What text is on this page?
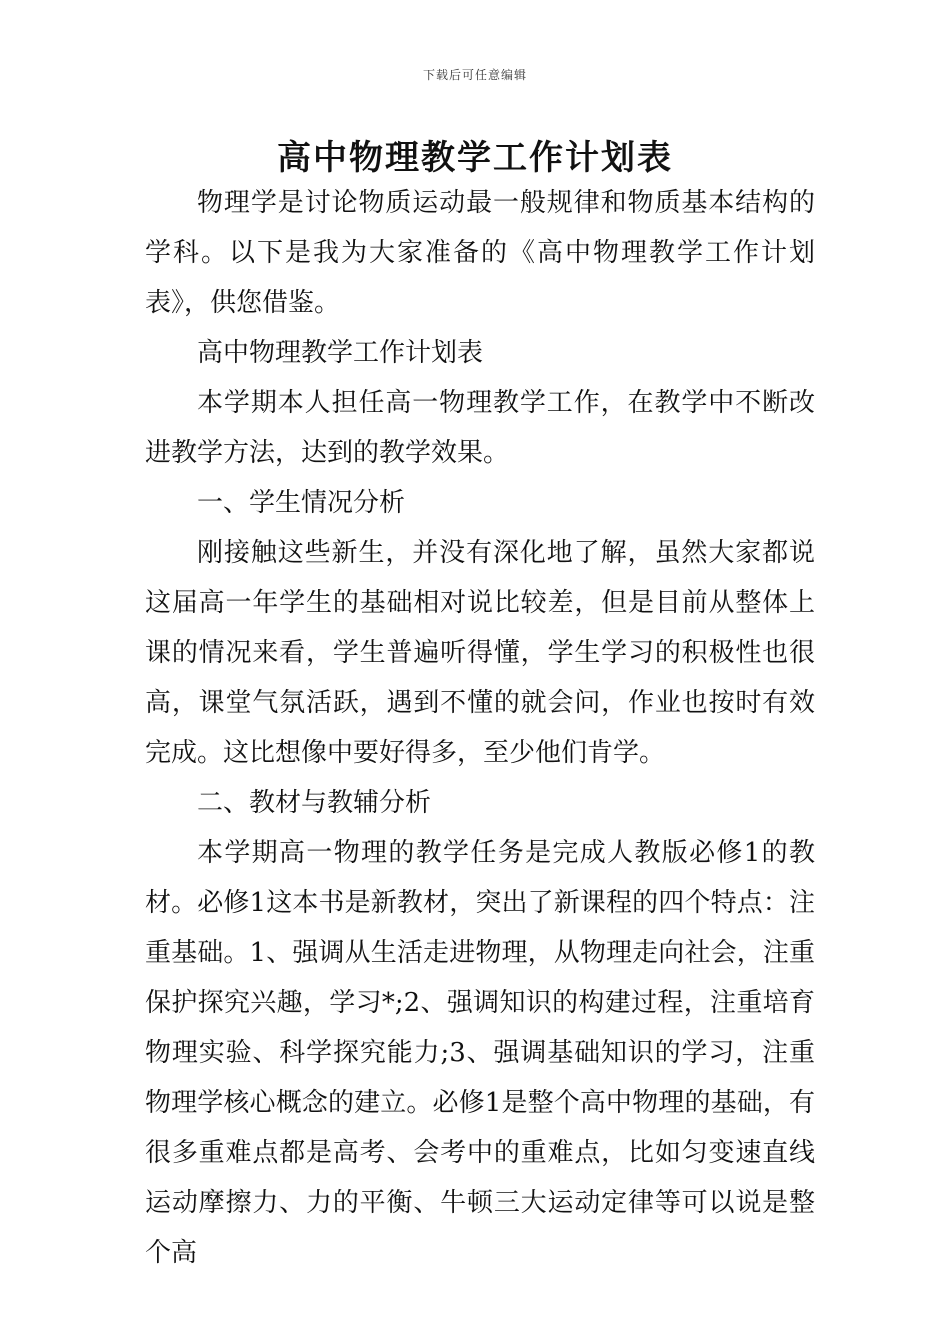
下载后可任意编辑
高中物理教学工作计划表

物理学是讨论物质运动最一般规律和物质基本结构的学科。以下是我为大家准备的《高中物理教学工作计划表》，供您借鉴。

高中物理教学工作计划表

本学期本人担任高一物理教学工作，在教学中不断改进教学方法，达到的教学效果。

一、学生情况分析

刚接触这些新生，并没有深化地了解，虽然大家都说这届高一年学生的基础相对说比较差，但是目前从整体上课的情况来看，学生普遍听得懂，学生学习的积极性也很高，课堂气氛活跃，遇到不懂的就会问，作业也按时有效完成。这比想像中要好得多，至少他们肯学。

二、教材与教辅分析

本学期高一物理的教学任务是完成人教版必修1的教材。必修1这本书是新教材，突出了新课程的四个特点：注重基础。1、强调从生活走进物理，从物理走向社会，注重保护探究兴趣，学习*;2、强调知识的构建过程，注重培育物理实验、科学探究能力;3、强调基础知识的学习，注重物理学核心概念的建立。必修1是整个高中物理的基础，有很多重难点都是高考、会考中的重难点，比如匀变速直线运动摩擦力、力的平衡、牛顿三大运动定律等可以说是整个高
